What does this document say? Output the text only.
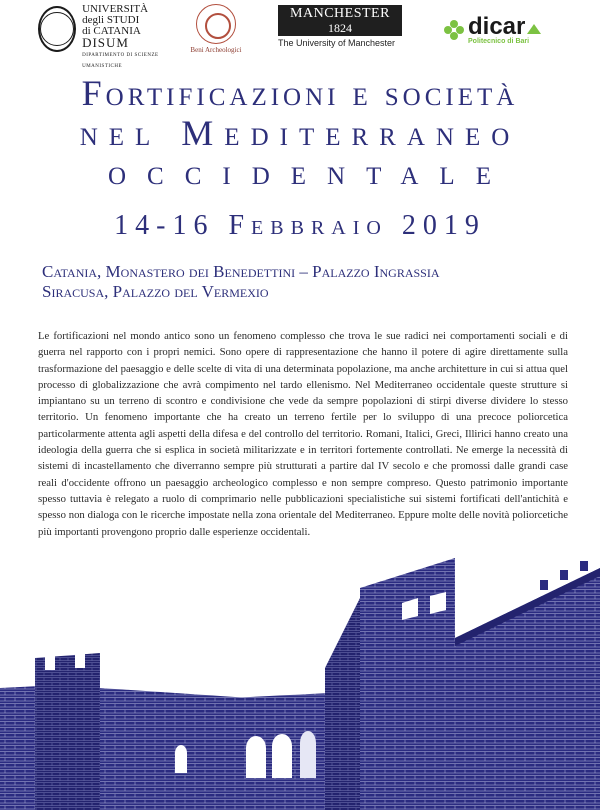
UNIVERSITÀ
degli STUDI
di CATANIA
DISUM
DIPARTIMENTO DI SCIENZE UMANISTICHE
Beni Archeologici
MANCHESTER
1824
The University of Manchester
dicar
Politecnico di Bari
Fortificazioni e società
nel Mediterraneo
occidentale
14-16 Febbraio 2019
Catania, Monastero dei Benedettini – Palazzo Ingrassia
Siracusa, Palazzo del Vermexio
Le fortificazioni nel mondo antico sono un fenomeno complesso che trova le sue radici nei comportamenti sociali e di guerra nel rapporto con i propri nemici. Sono opere di rappresentazione che hanno il potere di agire direttamente sulla trasformazione del paesaggio e delle scelte di vita di una determinata popolazione, ma anche architetture in cui si attua quel processo di globalizzazione che avrà compimento nel tardo ellenismo. Nel Mediterraneo occidentale queste strutture si impiantano su un terreno di scontro e condivisione che vede da sempre popolazioni di stirpi diverse dividere lo stesso territorio. Un fenomeno importante che ha creato un terreno fertile per lo sviluppo di una precoce poliorcetica particolarmente attenta agli aspetti della difesa e del controllo del territorio. Romani, Italici, Greci, Illirici hanno creato una ideologia della guerra che si esplica in società militarizzate e in territori fortemente controllati. Ne emerge la necessità di sistemi di incastellamento che diverranno sempre più strutturati a partire dal IV secolo e che promossi dalle grandi case reali d'occidente offrono un paesaggio archeologico complesso e non sempre compreso. Questo patrimonio importante spesso tuttavia è relegato a ruolo di comprimario nelle pubblicazioni specialistiche sui sistemi fortificati dell'antichità e spesso non dialoga con le ricerche impostate nella zona orientale del Mediterraneo. Eppure molte delle novità poliorcetiche più importanti provengono proprio dalle esperienze occidentali.
